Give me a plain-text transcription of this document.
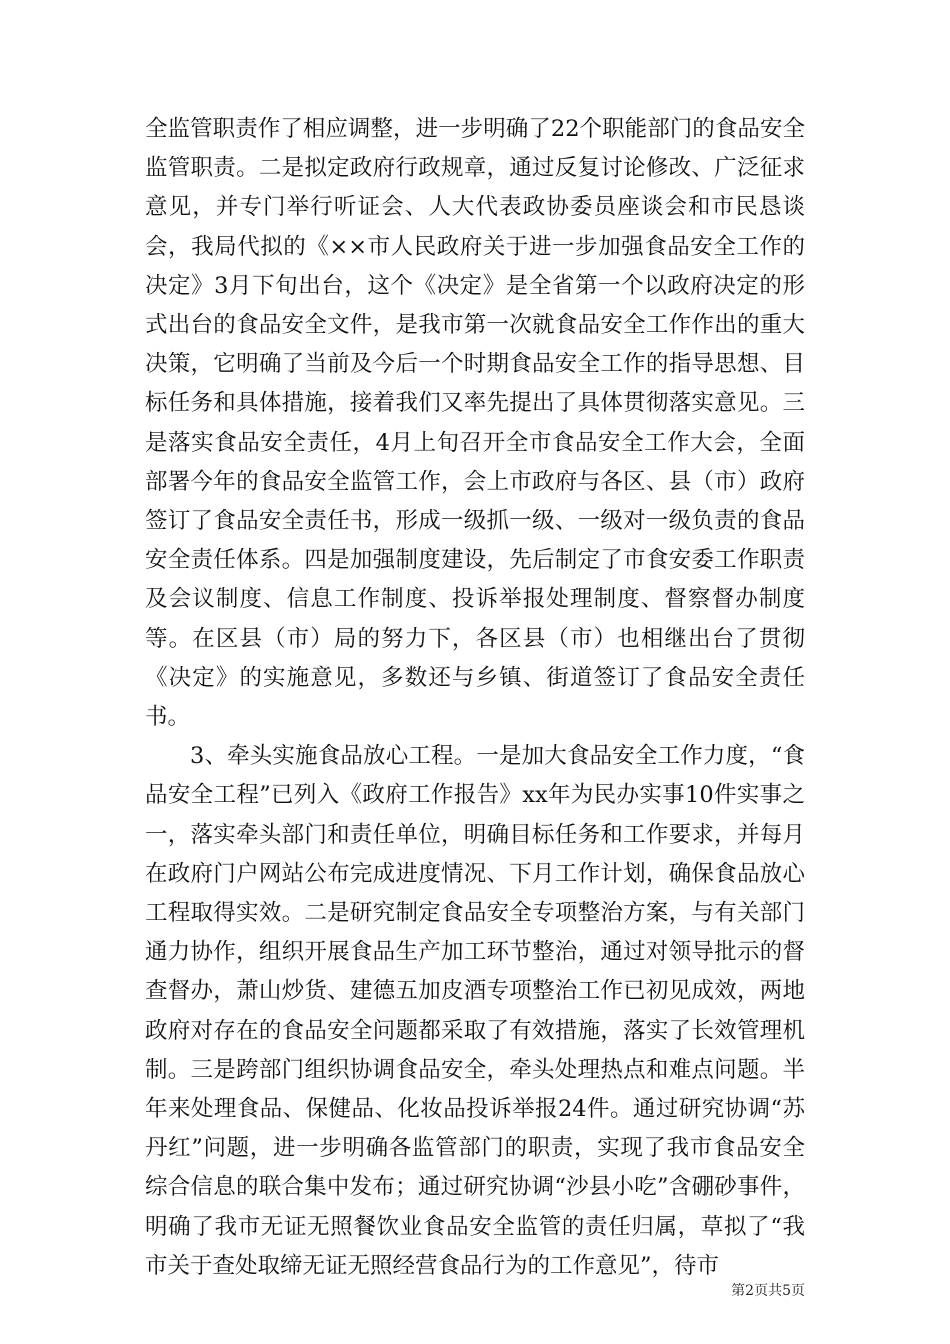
全监管职责作了相应调整，进一步明确了22个职能部门的食品安全监管职责。二是拟定政府行政规章，通过反复讨论修改、广泛征求意见，并专门举行听证会、人大代表政协委员座谈会和市民恳谈会，我局代拟的《××市人民政府关于进一步加强食品安全工作的决定》3月下旬出台，这个《决定》是全省第一个以政府决定的形式出台的食品安全文件，是我市第一次就食品安全工作作出的重大决策，它明确了当前及今后一个时期食品安全工作的指导思想、目标任务和具体措施，接着我们又率先提出了具体贯彻落实意见。三是落实食品安全责任，4月上旬召开全市食品安全工作大会，全面部署今年的食品安全监管工作，会上市政府与各区、县（市）政府签订了食品安全责任书，形成一级抓一级、一级对一级负责的食品安全责任体系。四是加强制度建设，先后制定了市食安委工作职责及会议制度、信息工作制度、投诉举报处理制度、督察督办制度等。在区县（市）局的努力下，各区县（市）也相继出台了贯彻《决定》的实施意见，多数还与乡镇、街道签订了食品安全责任书。

3、牵头实施食品放心工程。一是加大食品安全工作力度，“食品安全工程”已列入《政府工作报告》xx年为民办实事10件实事之一，落实牵头部门和责任单位，明确目标任务和工作要求，并每月在政府门户网站公布完成进度情况、下月工作计划，确保食品放心工程取得实效。二是研究制定食品安全专项整治方案，与有关部门通力协作，组织开展食品生产加工环节整治，通过对领导批示的督查督办，萧山炒货、建德五加皮酒专项整治工作已初见成效，两地政府对存在的食品安全问题都采取了有效措施，落实了长效管理机制。三是跨部门组织协调食品安全，牵头处理热点和难点问题。半年来处理食品、保健品、化妆品投诉举报24件。通过研究协调“苏丹红”问题，进一步明确各监管部门的职责，实现了我市食品安全综合信息的联合集中发布；通过研究协调“沙县小吃”含硼砂事件，明确了我市无证无照餐饮业食品安全监管的责任归属，草拟了“我市关于查处取缔无证无照经营食品行为的工作意见”，待市

第2页共5页
